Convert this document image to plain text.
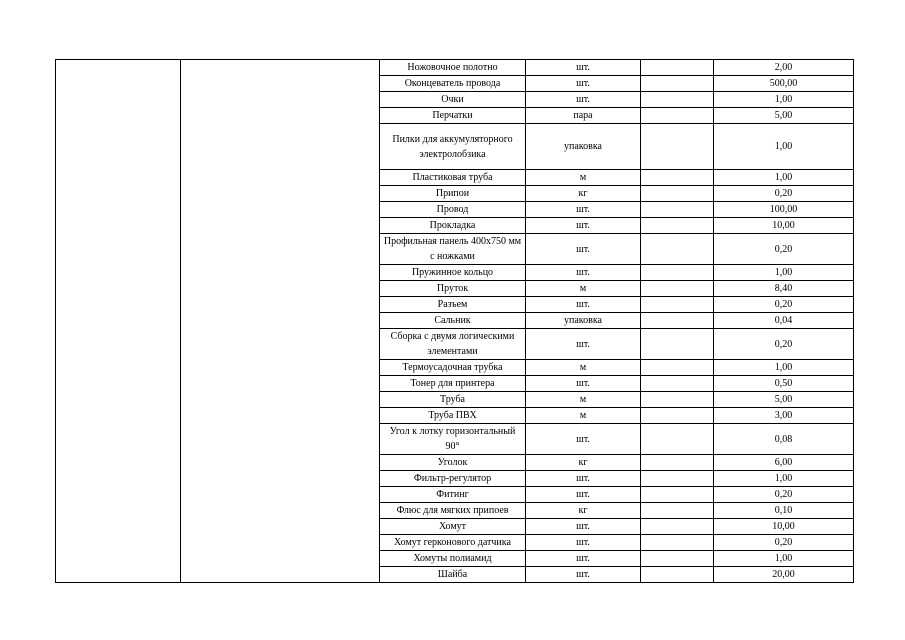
		Ножовочное полотно	шт.		2,00
		Оконцеватель провода	шт.		500,00
		Очки	шт.		1,00
		Перчатки	пара		5,00
		Пилки для аккумуляторного электролобзика	упаковка		1,00
		Пластиковая труба	м		1,00
		Припои	кг		0,20
		Провод	шт.		100,00
		Прокладка	шт.		10,00
		Профильная панель 400х750 мм с ножками	шт.		0,20
		Пружинное кольцо	шт.		1,00
		Пруток	м		8,40
		Разъем	шт.		0,20
		Сальник	упаковка		0,04
		Сборка с двумя логическими элементами	шт.		0,20
		Термоусадочная трубка	м		1,00
		Тонер для принтера	шт.		0,50
		Труба	м		5,00
		Труба ПВХ	м		3,00
		Угол к лотку горизонтальный 90°	шт.		0,08
		Уголок	кг		6,00
		Фильтр-регулятор	шт.		1,00
		Фитинг	шт.		0,20
		Флюс для мягких припоев	кг		0,10
		Хомут	шт.		10,00
		Хомут герконового датчика	шт.		0,20
		Хомуты полиамид	шт.		1,00
		Шайба	шт.		20,00
